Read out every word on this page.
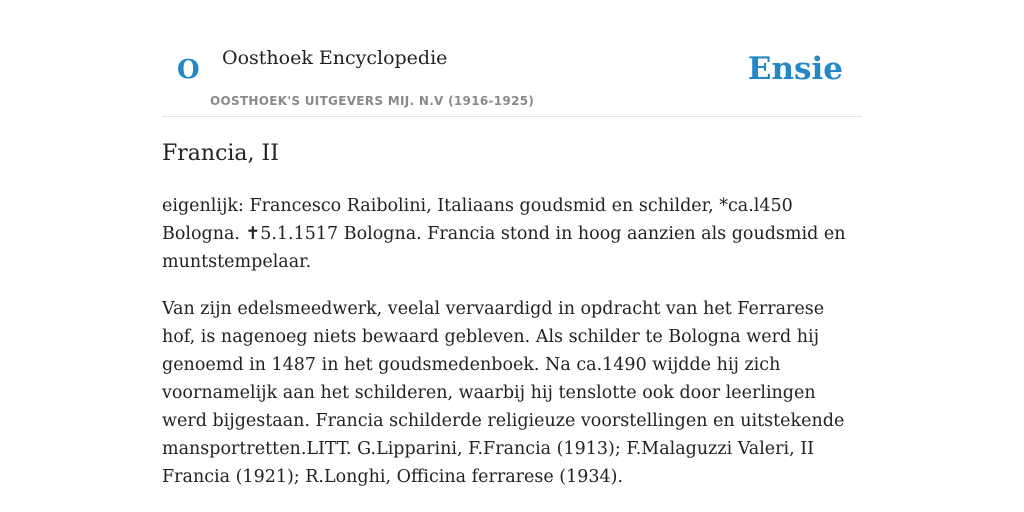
O Oosthoek Encyclopedie
OOSTHOEK'S UITGEVERS MIJ. N.V (1916-1925)
Ensie
Francia, II

eigenlijk: Francesco Raibolini, Italiaans goudsmid en schilder, *ca.l450 Bologna. ✝5.1.1517 Bologna. Francia stond in hoog aanzien als goudsmid en muntstempelaar.

Van zijn edelsmeedwerk, veelal vervaardigd in opdracht van het Ferrarese hof, is nagenoeg niets bewaard gebleven. Als schilder te Bologna werd hij genoemd in 1487 in het goudsmedenboek. Na ca.1490 wijdde hij zich voornamelijk aan het schilderen, waarbij hij tenslotte ook door leerlingen werd bijgestaan. Francia schilderde religieuze voorstellingen en uitstekende mansportretten.LITT. G.Lipparini, F.Francia (1913); F.Malaguzzi Valeri, II Francia (1921); R.Longhi, Officina ferrarese (1934).
